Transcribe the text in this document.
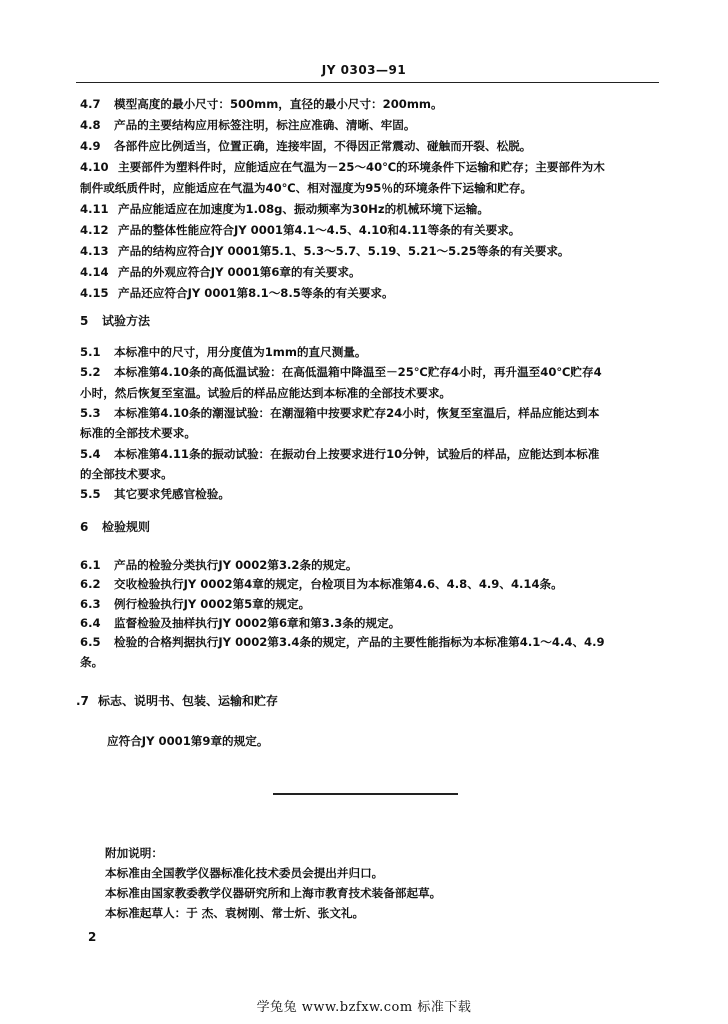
JY 0303—91
4.7 模型高度的最小尺寸：500mm，直径的最小尺寸：200mm。
4.8 产品的主要结构应用标签注明，标注应准确、清晰、牢固。
4.9 各部件应比例适当，位置正确，连接牢固，不得因正常震动、碰触而开裂、松脱。
4.10 主要部件为塑料件时，应能适应在气温为－25～40℃的环境条件下运输和贮存；主要部件为木
制件或纸质件时，应能适应在气温为40℃、相对湿度为95％的环境条件下运输和贮存。
4.11 产品应能适应在加速度为1.08g、振动频率为30Hz的机械环境下运输。
4.12 产品的整体性能应符合JY 0001第4.1～4.5、4.10和4.11等条的有关要求。
4.13 产品的结构应符合JY 0001第5.1、5.3～5.7、5.19、5.21～5.25等条的有关要求。
4.14 产品的外观应符合JY 0001第6章的有关要求。
4.15 产品还应符合JY 0001第8.1～8.5等条的有关要求。
5 试验方法
5.1 本标准中的尺寸，用分度值为1mm的直尺测量。
5.2 本标准第4.10条的高低温试验：在高低温箱中降温至－25℃贮存4小时，再升温至40℃贮存4
小时，然后恢复至室温。试验后的样品应能达到本标准的全部技术要求。
5.3 本标准第4.10条的潮湿试验：在潮湿箱中按要求贮存24小时，恢复至室温后，样品应能达到本
标准的全部技术要求。
5.4 本标准第4.11条的振动试验：在振动台上按要求进行10分钟，试验后的样品，应能达到本标准
的全部技术要求。
5.5 其它要求凭感官检验。
6 检验规则
6.1 产品的检验分类执行JY 0002第3.2条的规定。
6.2 交收检验执行JY 0002第4章的规定，台检项目为本标准第4.6、4.8、4.9、4.14条。
6.3 例行检验执行JY 0002第5章的规定。
6.4 监督检验及抽样执行JY 0002第6章和第3.3条的规定。
6.5 检验的合格判据执行JY 0002第3.4条的规定，产品的主要性能指标为本标准第4.1～4.4、4.9
条。
.7 标志、说明书、包装、运输和贮存
应符合JY 0001第9章的规定。
附加说明：
本标准由全国教学仪器标准化技术委员会提出并归口。
本标准由国家教委教学仪器研究所和上海市教育技术装备部起草。
本标准起草人：于 杰、袁树刚、常士炘、张文礼。
2
学兔兔 www.bzfxw.com 标准下载
